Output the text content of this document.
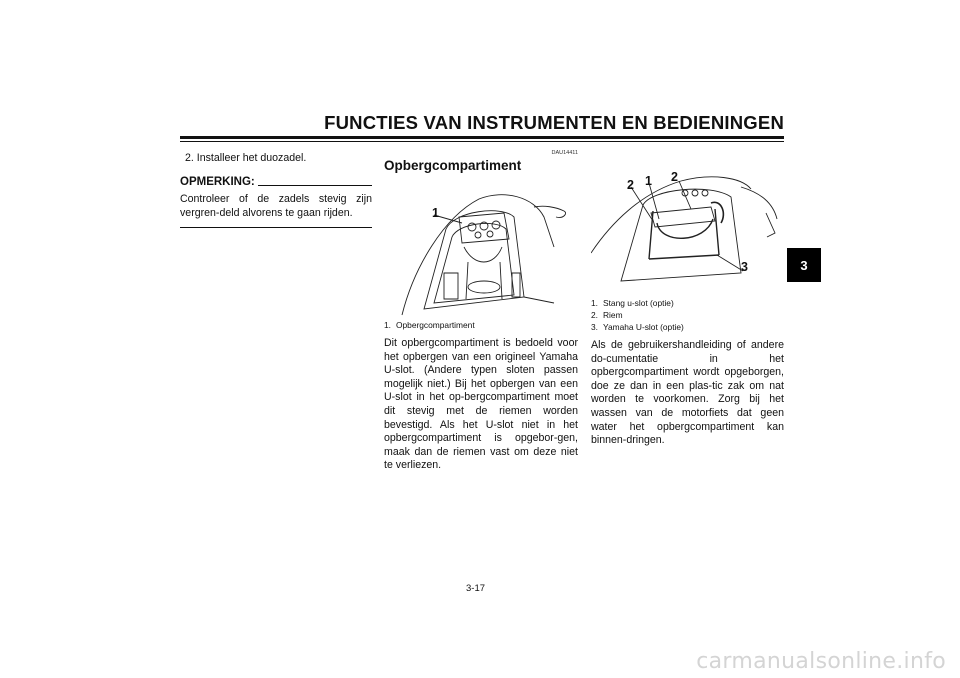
FUNCTIES VAN INSTRUMENTEN EN BEDIENINGEN
3
2. Installeer het duozadel.
OPMERKING:
Controleer of de zadels stevig zijn vergren-deld alvorens te gaan rijden.
DAU14411
Opbergcompartiment
1
1. Opbergcompartiment
Dit opbergcompartiment is bedoeld voor het opbergen van een origineel Yamaha U-slot. (Andere typen sloten passen mogelijk niet.) Bij het opbergen van een U-slot in het op-bergcompartiment moet dit stevig met de riemen worden bevestigd. Als het U-slot niet in het opbergcompartiment is opgebor-gen, maak dan de riemen vast om deze niet te verliezen.
2 1 2
3
1. Stang u-slot (optie)
2. Riem
3. Yamaha U-slot (optie)
Als de gebruikershandleiding of andere do-cumentatie in het opbergcompartiment wordt opgeborgen, doe ze dan in een plas-tic zak om nat worden te voorkomen. Zorg bij het wassen van de motorfiets dat geen water het opbergcompartiment kan binnen-dringen.
3-17
carmanualsonline.info
